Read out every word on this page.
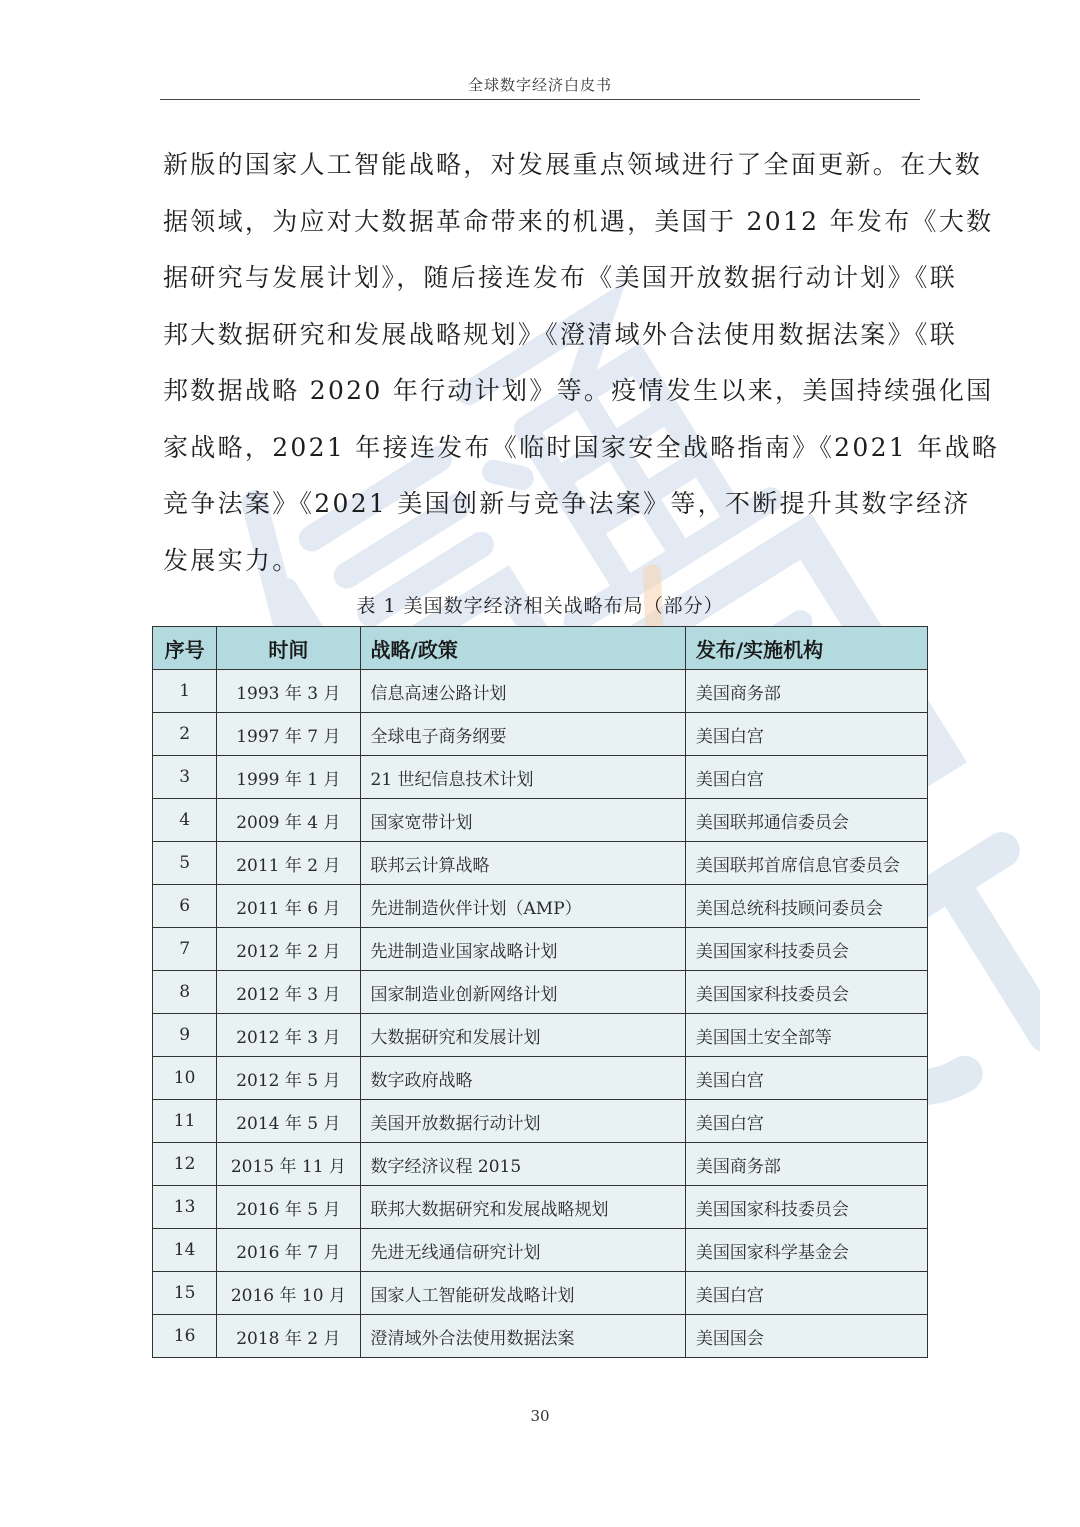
全球数字经济白皮书
新版的国家人工智能战略，对发展重点领域进行了全面更新。在大数
据领域，为应对大数据革命带来的机遇，美国于 2012 年发布《大数
据研究与发展计划》，随后接连发布《美国开放数据行动计划》《联
邦大数据研究和发展战略规划》《澄清域外合法使用数据法案》《联
邦数据战略 2020 年行动计划》等。疫情发生以来，美国持续强化国
家战略，2021 年接连发布《临时国家安全战略指南》《2021 年战略
竞争法案》《2021 美国创新与竞争法案》等，不断提升其数字经济
发展实力。
表 1 美国数字经济相关战略布局（部分）
序号	时间	战略/政策	发布/实施机构
1	1993 年 3 月	信息高速公路计划	美国商务部
2	1997 年 7 月	全球电子商务纲要	美国白宫
3	1999 年 1 月	21 世纪信息技术计划	美国白宫
4	2009 年 4 月	国家宽带计划	美国联邦通信委员会
5	2011 年 2 月	联邦云计算战略	美国联邦首席信息官委员会
6	2011 年 6 月	先进制造伙伴计划（AMP）	美国总统科技顾问委员会
7	2012 年 2 月	先进制造业国家战略计划	美国国家科技委员会
8	2012 年 3 月	国家制造业创新网络计划	美国国家科技委员会
9	2012 年 3 月	大数据研究和发展计划	美国国土安全部等
10	2012 年 5 月	数字政府战略	美国白宫
11	2014 年 5 月	美国开放数据行动计划	美国白宫
12	2015 年 11 月	数字经济议程 2015	美国商务部
13	2016 年 5 月	联邦大数据研究和发展战略规划	美国国家科技委员会
14	2016 年 7 月	先进无线通信研究计划	美国国家科学基金会
15	2016 年 10 月	国家人工智能研发战略计划	美国白宫
16	2018 年 2 月	澄清域外合法使用数据法案	美国国会
30
